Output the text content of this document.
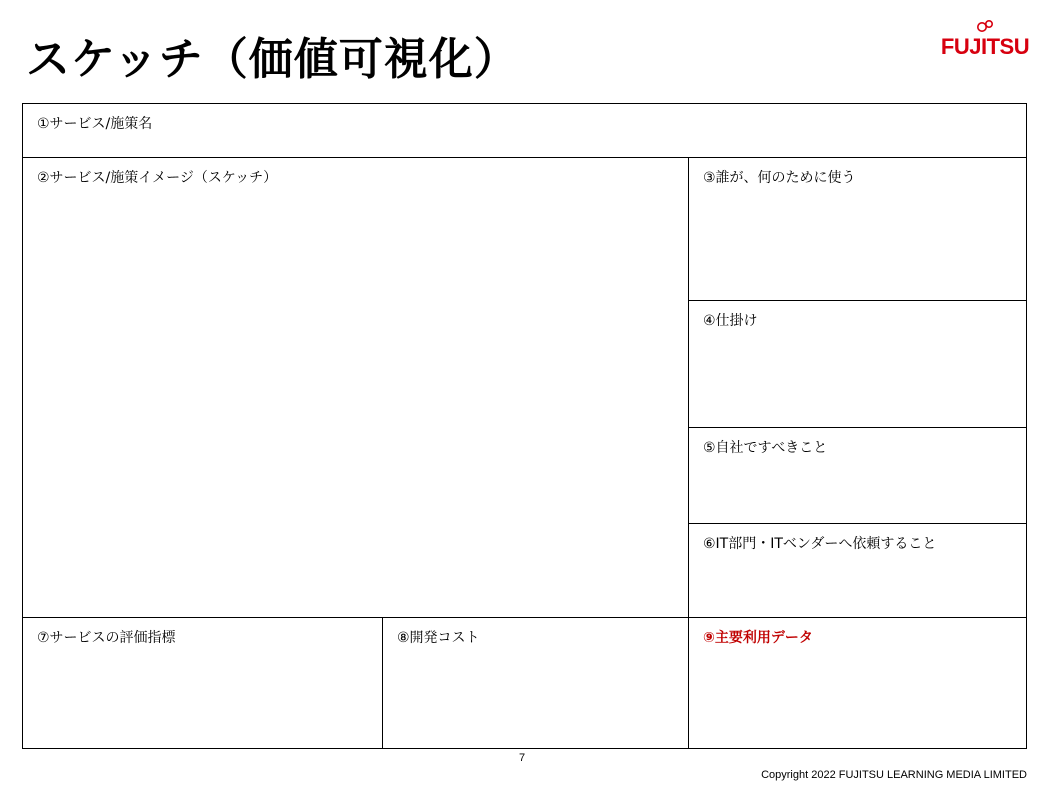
スケッチ（価値可視化）	FUJITSU
①サービス/施策名
②サービス/施策イメージ（スケッチ）	③誰が、何のために使う
④仕掛け
⑤自社ですべきこと
⑥IT部門・ITベンダーへ依頼すること
⑦サービスの評価指標	⑧開発コスト	⑨主要利用データ
7
Copyright 2022 FUJITSU LEARNING MEDIA LIMITED
